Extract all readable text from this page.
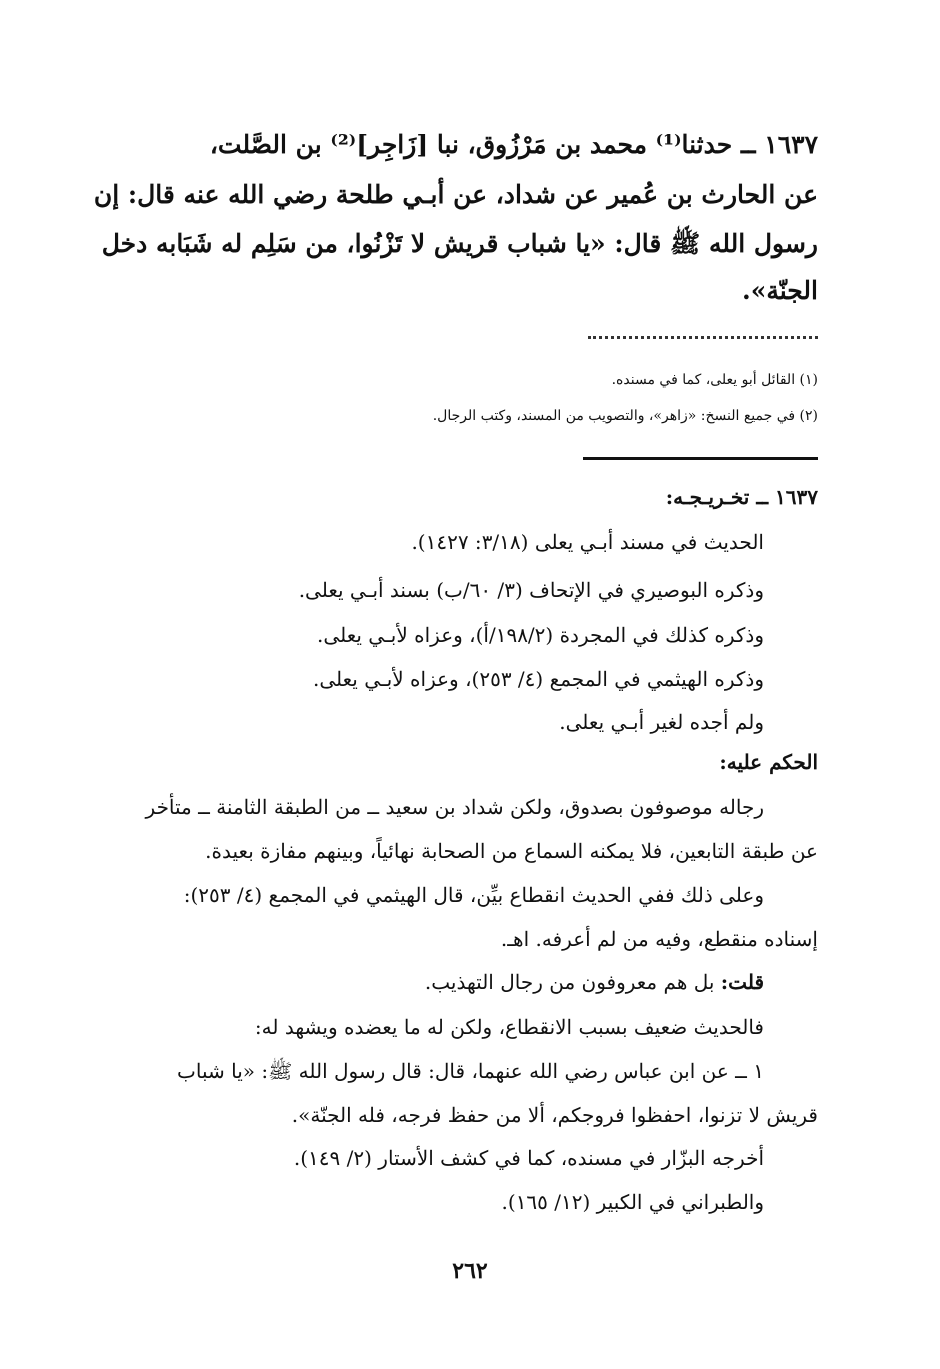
١٦٣٧ ــ حدثنا⁽¹⁾ محمد بن مَرْزُوق، نبا [زَاجِر]⁽²⁾ بن الصَّلت،
عن الحارث بن عُمير عن شداد، عن أبـي طلحة رضي الله عنه قال: إن
رسول الله ﷺ قال: «يا شباب قريش لا تَزْنُوا، من سَلِم له شَبَابه دخل
الجنّة».
(١) القائل أبو يعلى، كما في مسنده.
(٢) في جميع النسخ: «زاهر»، والتصويب من المسند، وكتب الرجال.
١٦٣٧ ــ تخـريـجـه:
الحديث في مسند أبـي يعلى (٣/١٨: ١٤٢٧).
وذكره البوصيري في الإتحاف (٣/ ٦٠/ب) بسند أبـي يعلى.
وذكره كذلك في المجردة (١٩٨/٢/أ)، وعزاه لأبـي يعلى.
وذكره الهيثمي في المجمع (٤/ ٢٥٣)، وعزاه لأبـي يعلى.
ولم أجده لغير أبـي يعلى.
الحكم عليه:
رجاله موصوفون بصدوق، ولكن شداد بن سعيد ــ من الطبقة الثامنة ــ متأخر
عن طبقة التابعين، فلا يمكنه السماع من الصحابة نهائياً، وبينهم مفازة بعيدة.
وعلى ذلك ففي الحديث انقطاع بيِّن، قال الهيثمي في المجمع (٤/ ٢٥٣):
إسناده منقطع، وفيه من لم أعرفه. اهـ.
قلت: بل هم معروفون من رجال التهذيب.
فالحديث ضعيف بسبب الانقطاع، ولكن له ما يعضده ويشهد له:
١ ــ عن ابن عباس رضي الله عنهما، قال: قال رسول الله ﷺ: «يا شباب
قريش لا تزنوا، احفظوا فروجكم، ألا من حفظ فرجه، فله الجنّة».
أخرجه البزّار في مسنده، كما في كشف الأستار (٢/ ١٤٩).
والطبراني في الكبير (١٢/ ١٦٥).
٢٦٢
